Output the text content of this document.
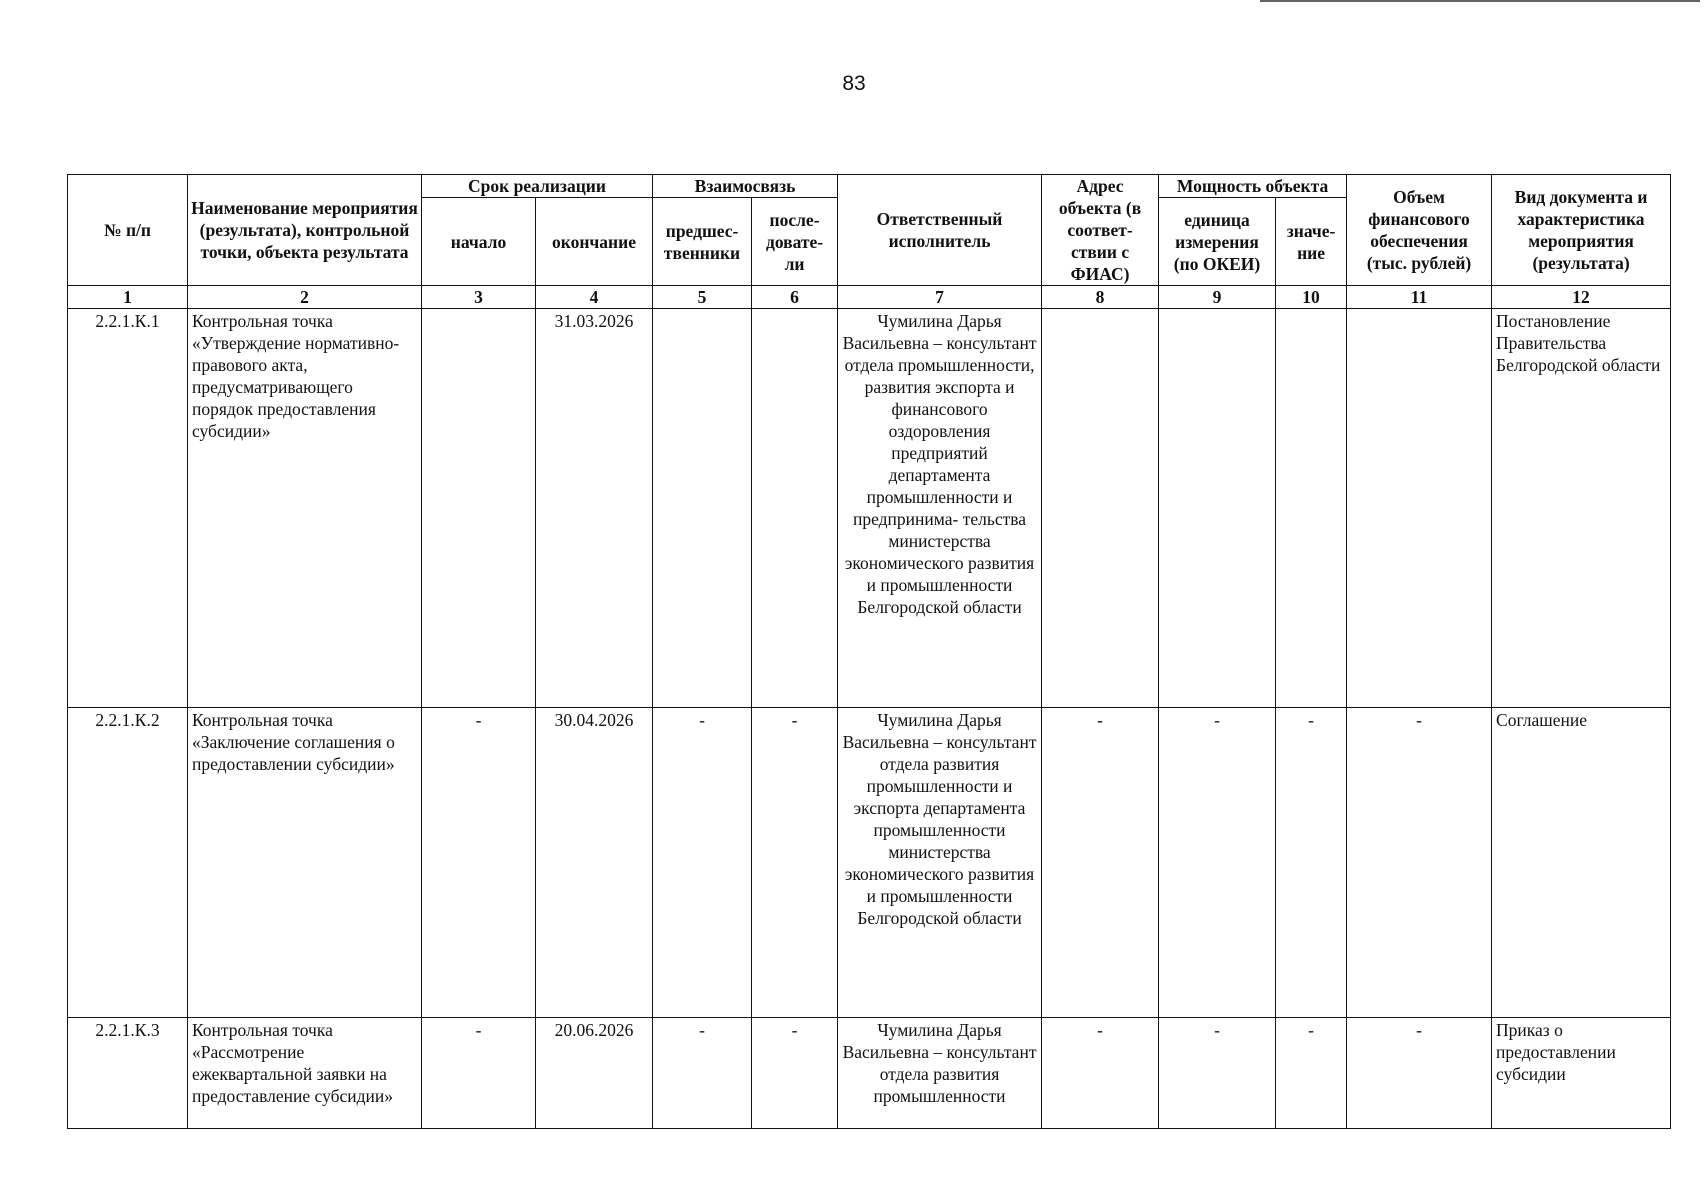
83
№ п/п	Наименование мероприятия (результата), контрольной точки, объекта результата	Срок реализации		Взаимосвязь		Ответственный исполнитель	Адрес объекта (в соответ- ствии с ФИАС)	Мощность объекта		Объем финансового обеспечения (тыс. рублей)	Вид документа и характеристика мероприятия (результата)
		начало	окончание	предшес- твенники	после- довате- ли			единица измерения (по ОКЕИ)	значе- ние		
1	2	3	4	5	6	7	8	9	10	11	12
2.2.1.К.1	Контрольная точка «Утверждение нормативно-правового акта, предусматривающего порядок предоставления субсидии»		31.03.2026			Чумилина Дарья Васильевна – консультант отдела промышленности, развития экспорта и финансового оздоровления предприятий департамента промышленности и предпринима- тельства министерства экономического развития и промышленности Белгородской области					Постановление Правительства Белгородской области
2.2.1.К.2	Контрольная точка «Заключение соглашения о предоставлении субсидии»	-	30.04.2026	-	-	Чумилина Дарья Васильевна – консультант отдела развития промышленности и экспорта департамента промышленности министерства экономического развития и промышленности Белгородской области	-	-	-	-	Соглашение
2.2.1.К.3	Контрольная точка «Рассмотрение ежеквартальной заявки на предоставление субсидии»	-	20.06.2026	-	-	Чумилина Дарья Васильевна – консультант отдела развития промышленности	-	-	-	-	Приказ о предоставлении субсидии
